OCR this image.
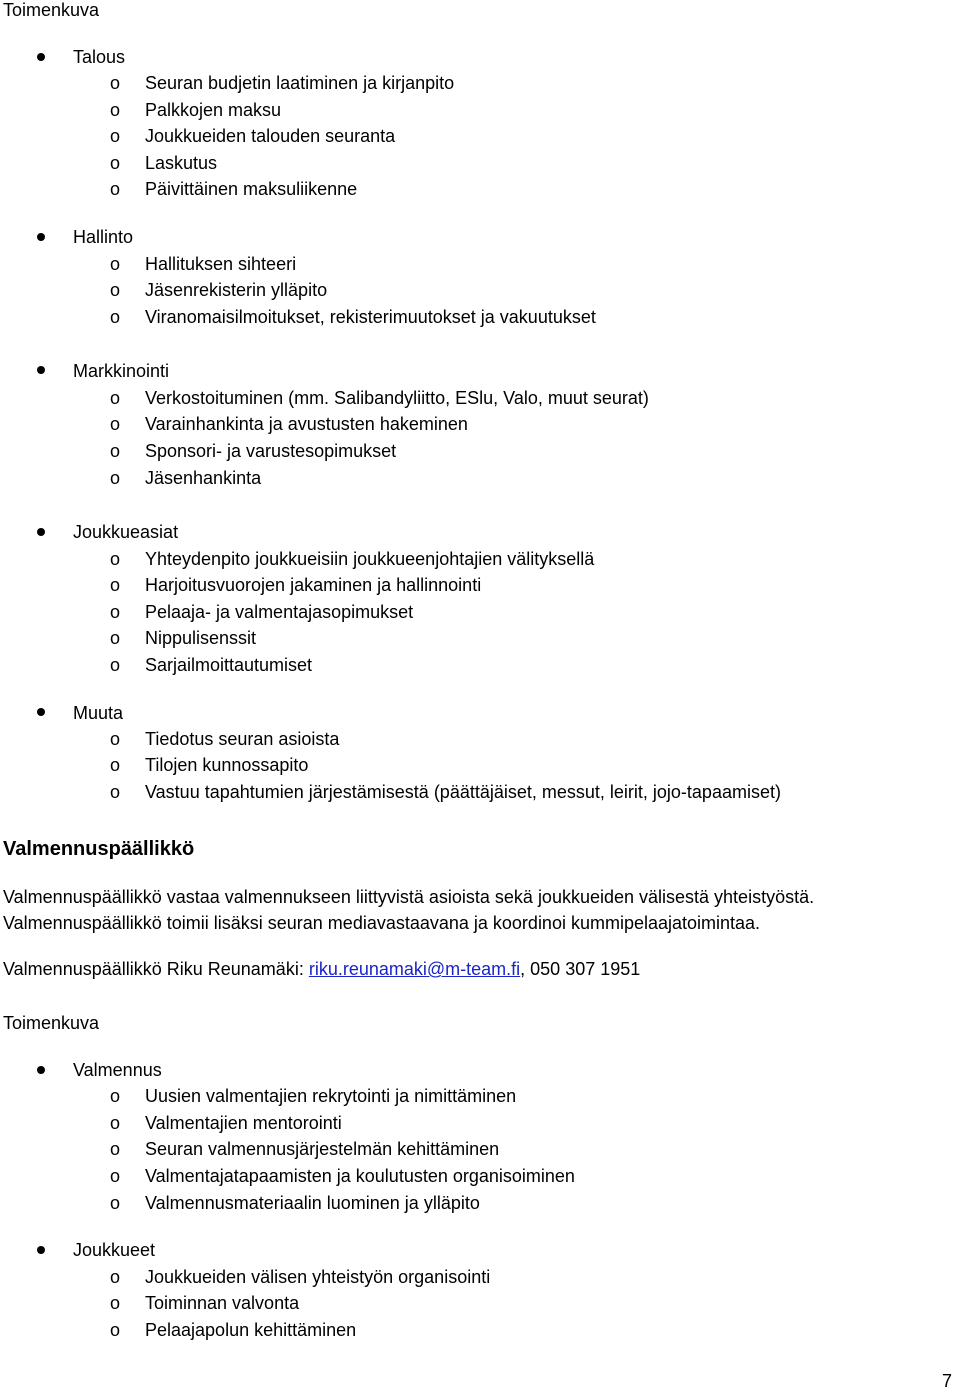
Toimenkuva
Talous
o Seuran budjetin laatiminen ja kirjanpito
o Palkkojen maksu
o Joukkueiden talouden seuranta
o Laskutus
o Päivittäinen maksuliikenne
Hallinto
o Hallituksen sihteeri
o Jäsenrekisterin ylläpito
o Viranomaisilmoitukset, rekisterimuutokset ja vakuutukset
Markkinointi
o Verkostoituminen (mm. Salibandyliitto, ESlu, Valo, muut seurat)
o Varainhankinta ja avustusten hakeminen
o Sponsori- ja varustesopimukset
o Jäsenhankinta
Joukkueasiat
o Yhteydenpito joukkueisiin joukkueenjohtajien välityksellä
o Harjoitusvuorojen jakaminen ja hallinnointi
o Pelaaja- ja valmentajasopimukset
o Nippulisenssit
o Sarjailmoittautumiset
Muuta
o Tiedotus seuran asioista
o Tilojen kunnossapito
o Vastuu tapahtumien järjestämisestä (päättäjäiset, messut, leirit, jojo-tapaamiset)
Valmennuspäällikkö
Valmennuspäällikkö vastaa valmennukseen liittyvistä asioista sekä joukkueiden välisestä yhteistyöstä.
Valmennuspäällikkö toimii lisäksi seuran mediavastaavana ja koordinoi kummipelaajatoimintaa.
Valmennuspäällikkö Riku Reunamäki: riku.reunamaki@m-team.fi, 050 307 1951
Toimenkuva
Valmennus
o Uusien valmentajien rekrytointi ja nimittäminen
o Valmentajien mentorointi
o Seuran valmennusjärjestelmän kehittäminen
o Valmentajatapaamisten ja koulutusten organisoiminen
o Valmennusmateriaalin luominen ja ylläpito
Joukkueet
o Joukkueiden välisen yhteistyön organisointi
o Toiminnan valvonta
o Pelaajapolun kehittäminen
7
